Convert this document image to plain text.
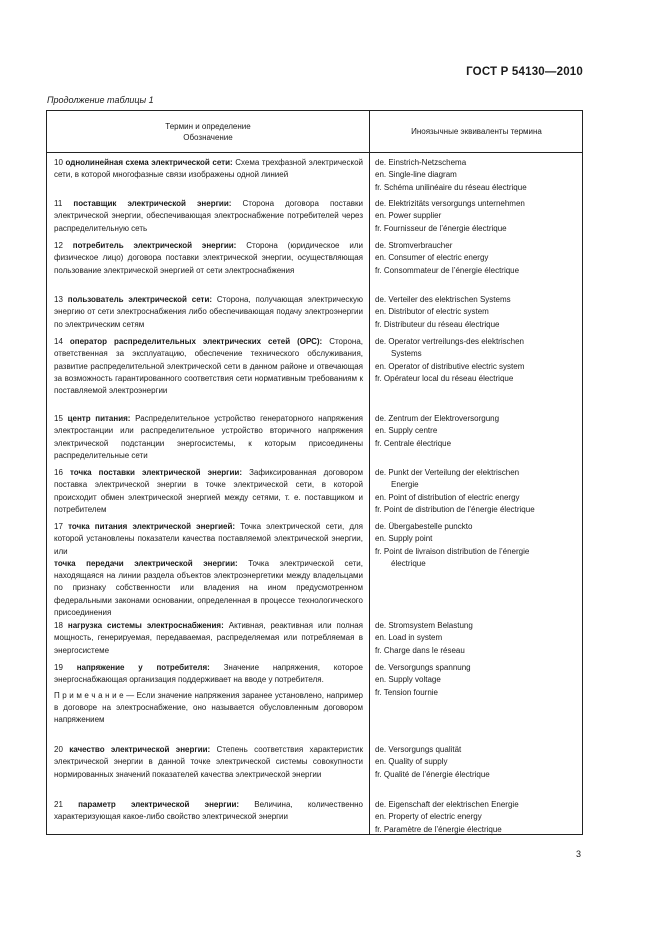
ГОСТ Р 54130—2010
Продолжение таблицы 1
Термин и определение
Обозначение
Иноязычные эквиваленты термина

10 однолинейная схема электрической сети: Схема трехфазной электрической сети, в которой многофазные связи изображены одной линией

de. Einstrich-Netzschema
en. Single-line diagram
fr. Schéma unilinéaire du réseau électrique

11 поставщик электрической энергии: Сторона договора поставки электрической энергии, обеспечивающая электроснабжение потребителей через распределительную сеть

de. Elektrizitäts versorgungs unternehmen
en. Power supplier
fr. Fournisseur de l’énergie électrique

12 потребитель электрической энергии: Сторона (юридическое или физическое лицо) договора поставки электрической энергии, осуществляющая пользование электрической энергией от сети электроснабжения

de. Stromverbraucher
en. Consumer of electric energy
fr. Consommateur de l’énergie électrique

13 пользователь электрической сети: Сторона, получающая электрическую энергию от сети электроснабжения либо обеспечивающая подачу электроэнергии по электрическим сетям

de. Verteiler des elektrischen Systems
en. Distributor of electric system
fr. Distributeur du réseau électrique

14 оператор распределительных электрических сетей (ОРС): Сторона, ответственная за эксплуатацию, обеспечение технического обслуживания, развитие распределительной электрической сети в данном районе и отвечающая за возможность гарантированного соответствия сети нормативным требованиям к поставляемой электроэнергии

de. Operator vertreilungs-des elektrischen
Systems
en. Operator of distributive electric system
fr. Opérateur local du réseau électrique

15 центр питания: Распределительное устройство генераторного напряжения электростанции или распределительное устройство вторичного напряжения электрической подстанции энергосистемы, к которым присоединены распределительные сети

de. Zentrum der Elektroversorgung
en. Supply centre
fr. Centrale électrique

16 точка поставки электрической энергии: Зафиксированная договором поставка электрической энергии в точке электрической сети, в которой происходит обмен электрической энергией между сетями, т. е. поставщиком и потребителем

de. Punkt der Verteilung der elektrischen
Energie
en. Point of distribution of electric energy
fr. Point de distribution de l’énergie électrique

17 точка питания электрической энергией: Точка электрической сети, для которой установлены показатели качества поставляемой электрической энергии, или

точка передачи электрической энергии: Точка электрической сети, находящаяся на линии раздела объектов электроэнергетики между владельцами по признаку собственности или владения на ином предусмотренном федеральными законами основании, определенная в процессе технологического присоединения

de. Übergabestelle punckto
en. Supply point
fr. Point de livraison distribution de l’énergie
électrique

18 нагрузка системы электроснабжения: Активная, реактивная или полная мощность, генерируемая, передаваемая, распределяемая или потребляемая в энергосистеме

de. Stromsystem Belastung
en. Load in system
fr. Charge dans le réseau

19 напряжение у потребителя: Значение напряжения, которое энергоснабжающая организация поддерживает на вводе у потребителя.

П р и м е ч а н и е — Если значение напряжения заранее установлено, например в договоре на электроснабжение, оно называется обусловленным договором напряжением

de. Versorgungs spannung
en. Supply voltage
fr. Tension fournie

20 качество электрической энергии: Степень соответствия характеристик электрической энергии в данной точке электрической системы совокупности нормированных значений показателей качества электрической энергии

de. Versorgungs qualität
en. Quality of supply
fr. Qualité de l’énergie électrique

21 параметр электрической энергии: Величина, количественно характеризующая какое-либо свойство электрической энергии

de. Eigenschaft der elektrischen Energie
en. Property of electric energy
fr. Paramètre de l’énergie électrique
3
